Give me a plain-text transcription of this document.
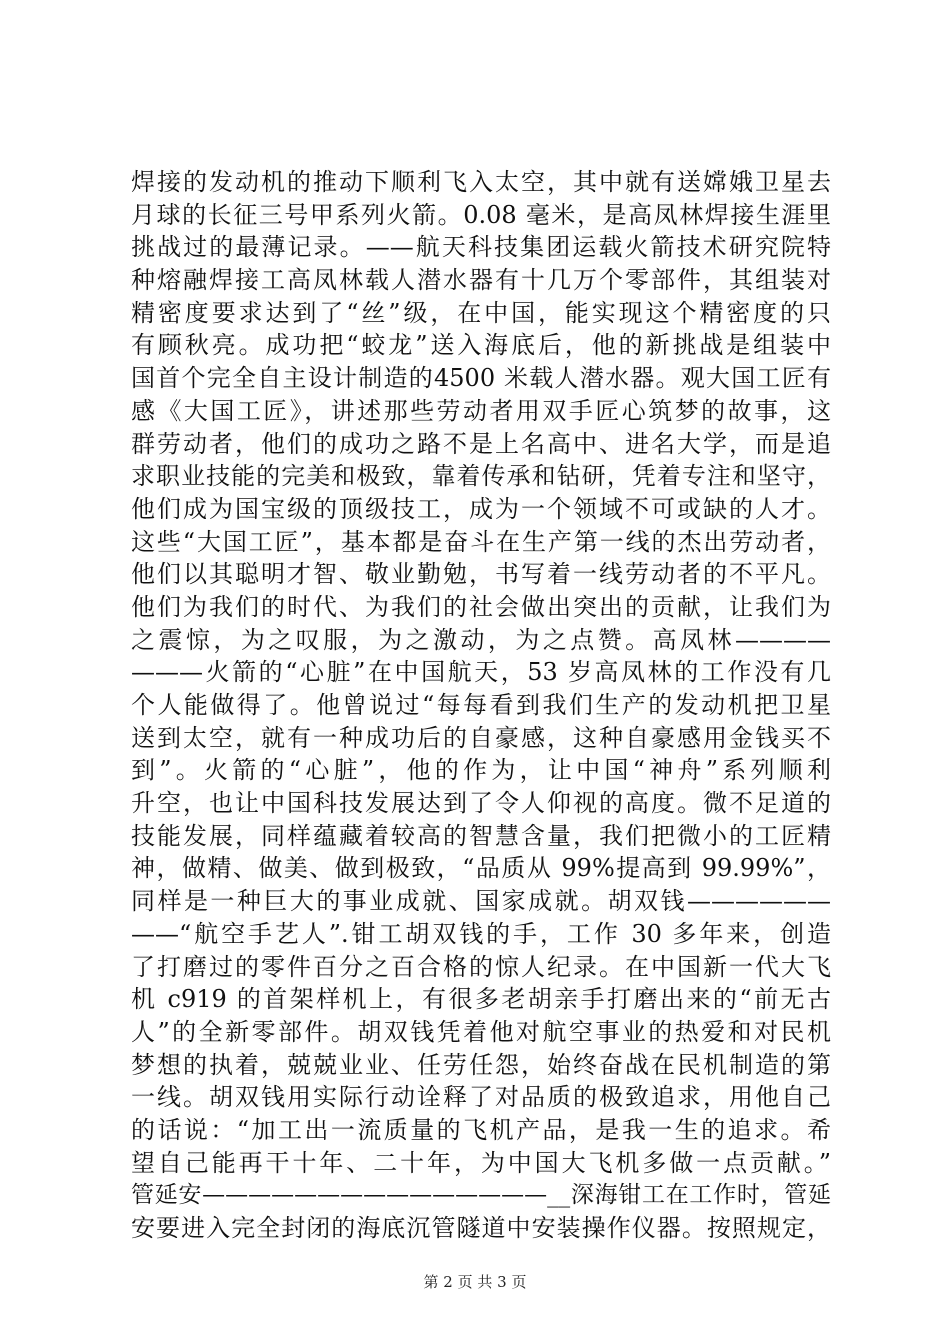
焊接的发动机的推动下顺利飞入太空，其中就有送嫦娥卫星去
月球的长征三号甲系列火箭。0.08 毫米，是高凤林焊接生涯里
挑战过的最薄记录。——航天科技集团运载火箭技术研究院特
种熔融焊接工高凤林载人潜水器有十几万个零部件，其组装对
精密度要求达到了“丝”级，在中国，能实现这个精密度的只
有顾秋亮。成功把“蛟龙”送入海底后，他的新挑战是组装中
国首个完全自主设计制造的4500 米载人潜水器。观大国工匠有
感《大国工匠》，讲述那些劳动者用双手匠心筑梦的故事，这
群劳动者，他们的成功之路不是上名高中、进名大学，而是追
求职业技能的完美和极致，靠着传承和钻研，凭着专注和坚守，
他们成为国宝级的顶级技工，成为一个领域不可或缺的人才。
这些“大国工匠”，基本都是奋斗在生产第一线的杰出劳动者，
他们以其聪明才智、敬业勤勉，书写着一线劳动者的不平凡。
他们为我们的时代、为我们的社会做出突出的贡献，让我们为
之震惊，为之叹服，为之激动，为之点赞。高凤林————
———火箭的“心脏”在中国航天，53 岁高凤林的工作没有几
个人能做得了。他曾说过“每每看到我们生产的发动机把卫星
送到太空，就有一种成功后的自豪感，这种自豪感用金钱买不
到”。火箭的“心脏”，他的作为，让中国“神舟”系列顺利
升空，也让中国科技发展达到了令人仰视的高度。微不足道的
技能发展，同样蕴藏着较高的智慧含量，我们把微小的工匠精
神，做精、做美、做到极致，“品质从 99%提高到 99.99%”，
同样是一种巨大的事业成就、国家成就。胡双钱——————
——“航空手艺人”.钳工胡双钱的手，工作 30 多年来，创造
了打磨过的零件百分之百合格的惊人纪录。在中国新一代大飞
机 c919 的首架样机上，有很多老胡亲手打磨出来的“前无古
人”的全新零部件。胡双钱凭着他对航空事业的热爱和对民机
梦想的执着，兢兢业业、任劳任怨，始终奋战在民机制造的第
一线。胡双钱用实际行动诠释了对品质的极致追求，用他自己
的话说：“加工出一流质量的飞机产品，是我一生的追求。希
望自己能再干十年、二十年，为中国大飞机多做一点贡献。”
管延安———————————————__深海钳工在工作时，管延
安要进入完全封闭的海底沉管隧道中安装操作仪器。按照规定，
第 2 页 共 3 页
